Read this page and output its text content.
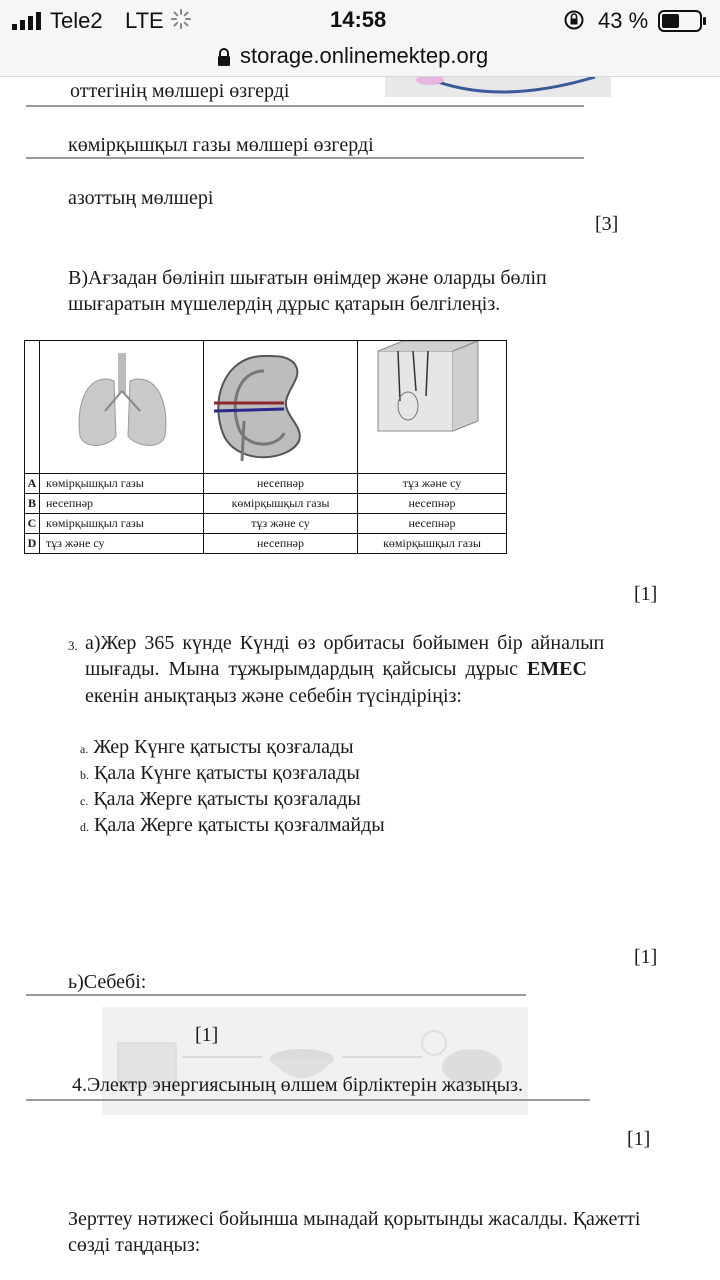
Tele2 LTE	14:58	43 %
storage.onlinemektep.org
оттегінің мөлшері өзгерді
көмірқышқыл газы мөлшері өзгерді
азоттың мөлшері
[3]
В)Ағзадан бөлініп шығатын өнімдер және оларды бөліп
шығаратын мүшелердің дұрыс қатарын белгілеңіз.

A	көмірқышқыл газы	несепнәр	тұз және су
B	несепнәр	көмірқышқыл газы	несепнәр
C	көмірқышқыл газы	тұз және су	несепнәр
D	тұз және су	несепнәр	көмірқышқыл газы
[1]
3. а)Жер 365 күнде Күнді өз орбитасы бойымен бір айналып
шығады. Мына тұжырымдардың қайсысы дұрыс ЕМЕС
екенін анықтаңыз және себебін түсіндіріңіз:
a. Жер Күнге қатысты қозғалады
b. Қала Күнге қатысты қозғалады
c. Қала Жерге қатысты қозғалады
d. Қала Жерге қатысты қозғалмайды
[1]
ь)Себебі:
[1]
4.Электр энергиясының өлшем бірліктерін жазыңыз.
[1]
Зерттеу нәтижесі бойынша мынадай қорытынды жасалды. Қажетті
сөзді таңдаңыз:
